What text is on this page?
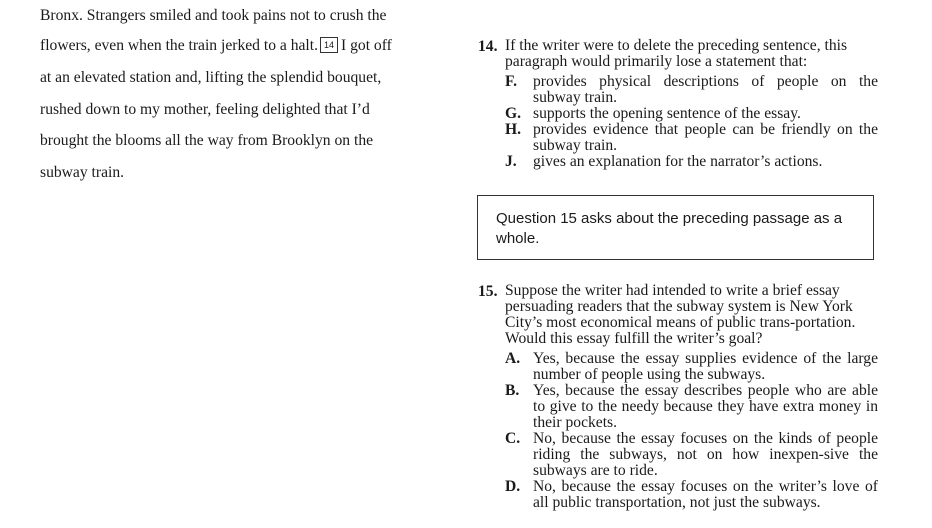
Bronx. Strangers smiled and took pains not to crush the
flowers, even when the train jerked to a halt. 14 I got off
at an elevated station and, lifting the splendid bouquet,
rushed down to my mother, feeling delighted that I’d
brought the blooms all the way from Brooklyn on the
subway train.
14. If the writer were to delete the preceding sentence, this paragraph would primarily lose a statement that:
F. provides physical descriptions of people on the subway train.
G. supports the opening sentence of the essay.
H. provides evidence that people can be friendly on the subway train.
J. gives an explanation for the narrator’s actions.
Question 15 asks about the preceding passage as a whole.
15. Suppose the writer had intended to write a brief essay persuading readers that the subway system is New York City’s most economical means of public trans-portation. Would this essay fulfill the writer’s goal?
A. Yes, because the essay supplies evidence of the large number of people using the subways.
B. Yes, because the essay describes people who are able to give to the needy because they have extra money in their pockets.
C. No, because the essay focuses on the kinds of people riding the subways, not on how inexpen-sive the subways are to ride.
D. No, because the essay focuses on the writer’s love of all public transportation, not just the subways.
